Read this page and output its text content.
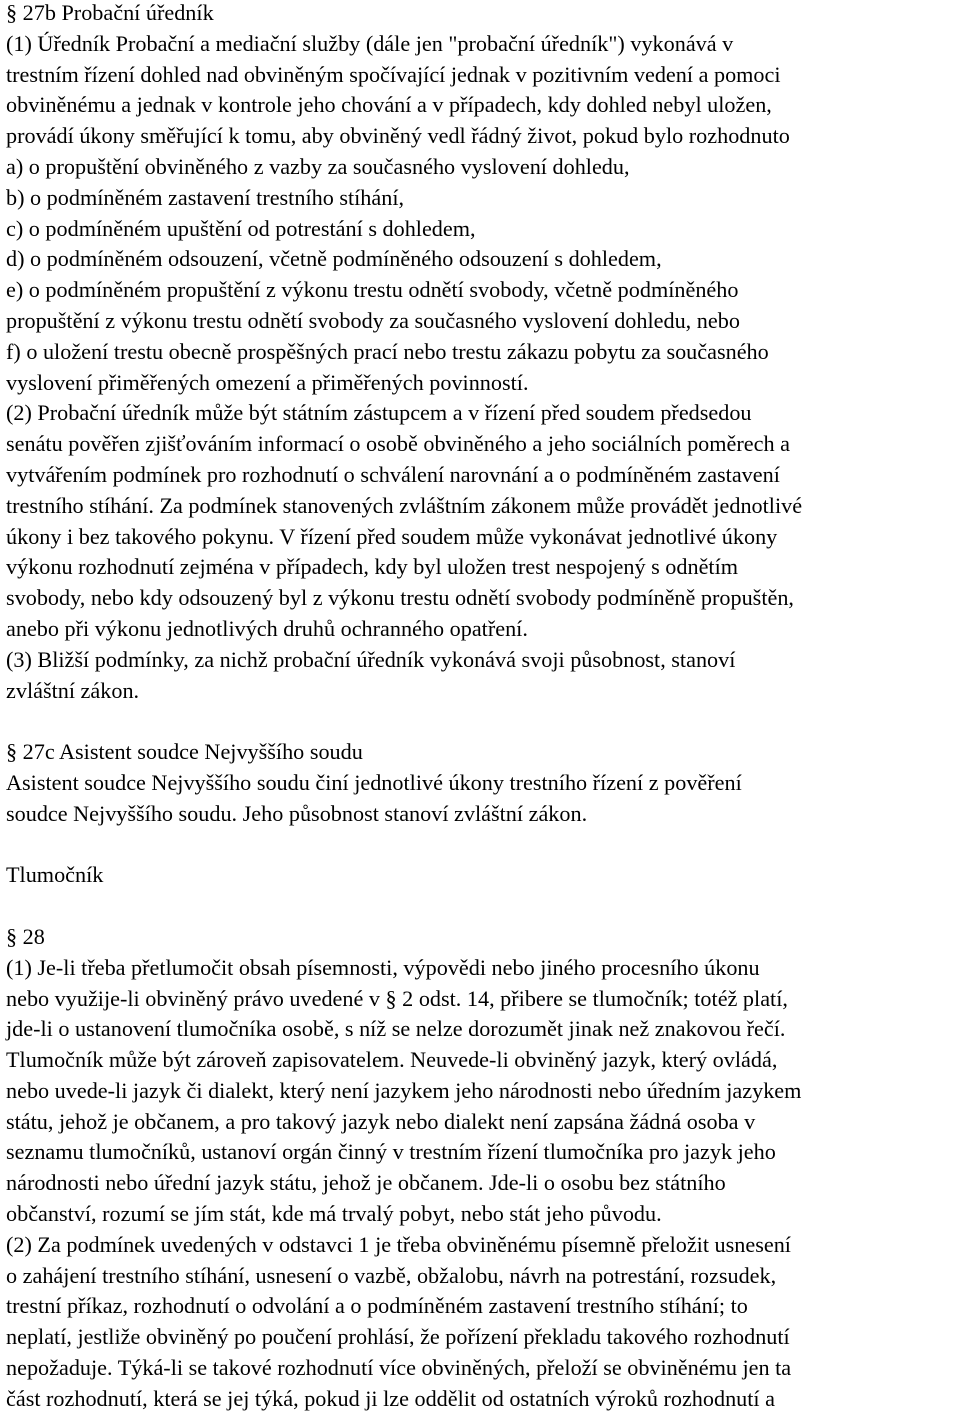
§ 27b Probační úředník
(1) Úředník Probační a mediační služby (dále jen "probační úředník") vykonává v
trestním řízení dohled nad obviněným spočívající jednak v pozitivním vedení a pomoci
obviněnému a jednak v kontrole jeho chování a v případech, kdy dohled nebyl uložen,
provádí úkony směřující k tomu, aby obviněný vedl řádný život, pokud bylo rozhodnuto
a) o propuštění obviněného z vazby za současného vyslovení dohledu,
b) o podmíněném zastavení trestního stíhání,
c) o podmíněném upuštění od potrestání s dohledem,
d) o podmíněném odsouzení, včetně podmíněného odsouzení s dohledem,
e) o podmíněném propuštění z výkonu trestu odnětí svobody, včetně podmíněného
propuštění z výkonu trestu odnětí svobody za současného vyslovení dohledu, nebo
f) o uložení trestu obecně prospěšných prací nebo trestu zákazu pobytu za současného
vyslovení přiměřených omezení a přiměřených povinností.
(2) Probační úředník může být státním zástupcem a v řízení před soudem předsedou
senátu pověřen zjišťováním informací o osobě obviněného a jeho sociálních poměrech a
vytvářením podmínek pro rozhodnutí o schválení narovnání a o podmíněném zastavení
trestního stíhání. Za podmínek stanovených zvláštním zákonem může provádět jednotlivé
úkony i bez takového pokynu. V řízení před soudem může vykonávat jednotlivé úkony
výkonu rozhodnutí zejména v případech, kdy byl uložen trest nespojený s odnětím
svobody, nebo kdy odsouzený byl z výkonu trestu odnětí svobody podmíněně propuštěn,
anebo při výkonu jednotlivých druhů ochranného opatření.
(3) Bližší podmínky, za nichž probační úředník vykonává svoji působnost, stanoví
zvláštní zákon.
§ 27c Asistent soudce Nejvyššího soudu
Asistent soudce Nejvyššího soudu činí jednotlivé úkony trestního řízení z pověření
soudce Nejvyššího soudu. Jeho působnost stanoví zvláštní zákon.
Tlumočník
§ 28
(1) Je-li třeba přetlumočit obsah písemnosti, výpovědi nebo jiného procesního úkonu
nebo využije-li obviněný právo uvedené v § 2 odst. 14, přibere se tlumočník; totéž platí,
jde-li o ustanovení tlumočníka osobě, s níž se nelze dorozumět jinak než znakovou řečí.
Tlumočník může být zároveň zapisovatelem. Neuvede-li obviněný jazyk, který ovládá,
nebo uvede-li jazyk či dialekt, který není jazykem jeho národnosti nebo úředním jazykem
státu, jehož je občanem, a pro takový jazyk nebo dialekt není zapsána žádná osoba v
seznamu tlumočníků, ustanoví orgán činný v trestním řízení tlumočníka pro jazyk jeho
národnosti nebo úřední jazyk státu, jehož je občanem. Jde-li o osobu bez státního
občanství, rozumí se jím stát, kde má trvalý pobyt, nebo stát jeho původu.
(2) Za podmínek uvedených v odstavci 1 je třeba obviněnému písemně přeložit usnesení
o zahájení trestního stíhání, usnesení o vazbě, obžalobu, návrh na potrestání, rozsudek,
trestní příkaz, rozhodnutí o odvolání a o podmíněném zastavení trestního stíhání; to
neplatí, jestliže obviněný po poučení prohlásí, že pořízení překladu takového rozhodnutí
nepožaduje. Týká-li se takové rozhodnutí více obviněných, přeloží se obviněnému jen ta
část rozhodnutí, která se jej týká, pokud ji lze oddělit od ostatních výroků rozhodnutí a
